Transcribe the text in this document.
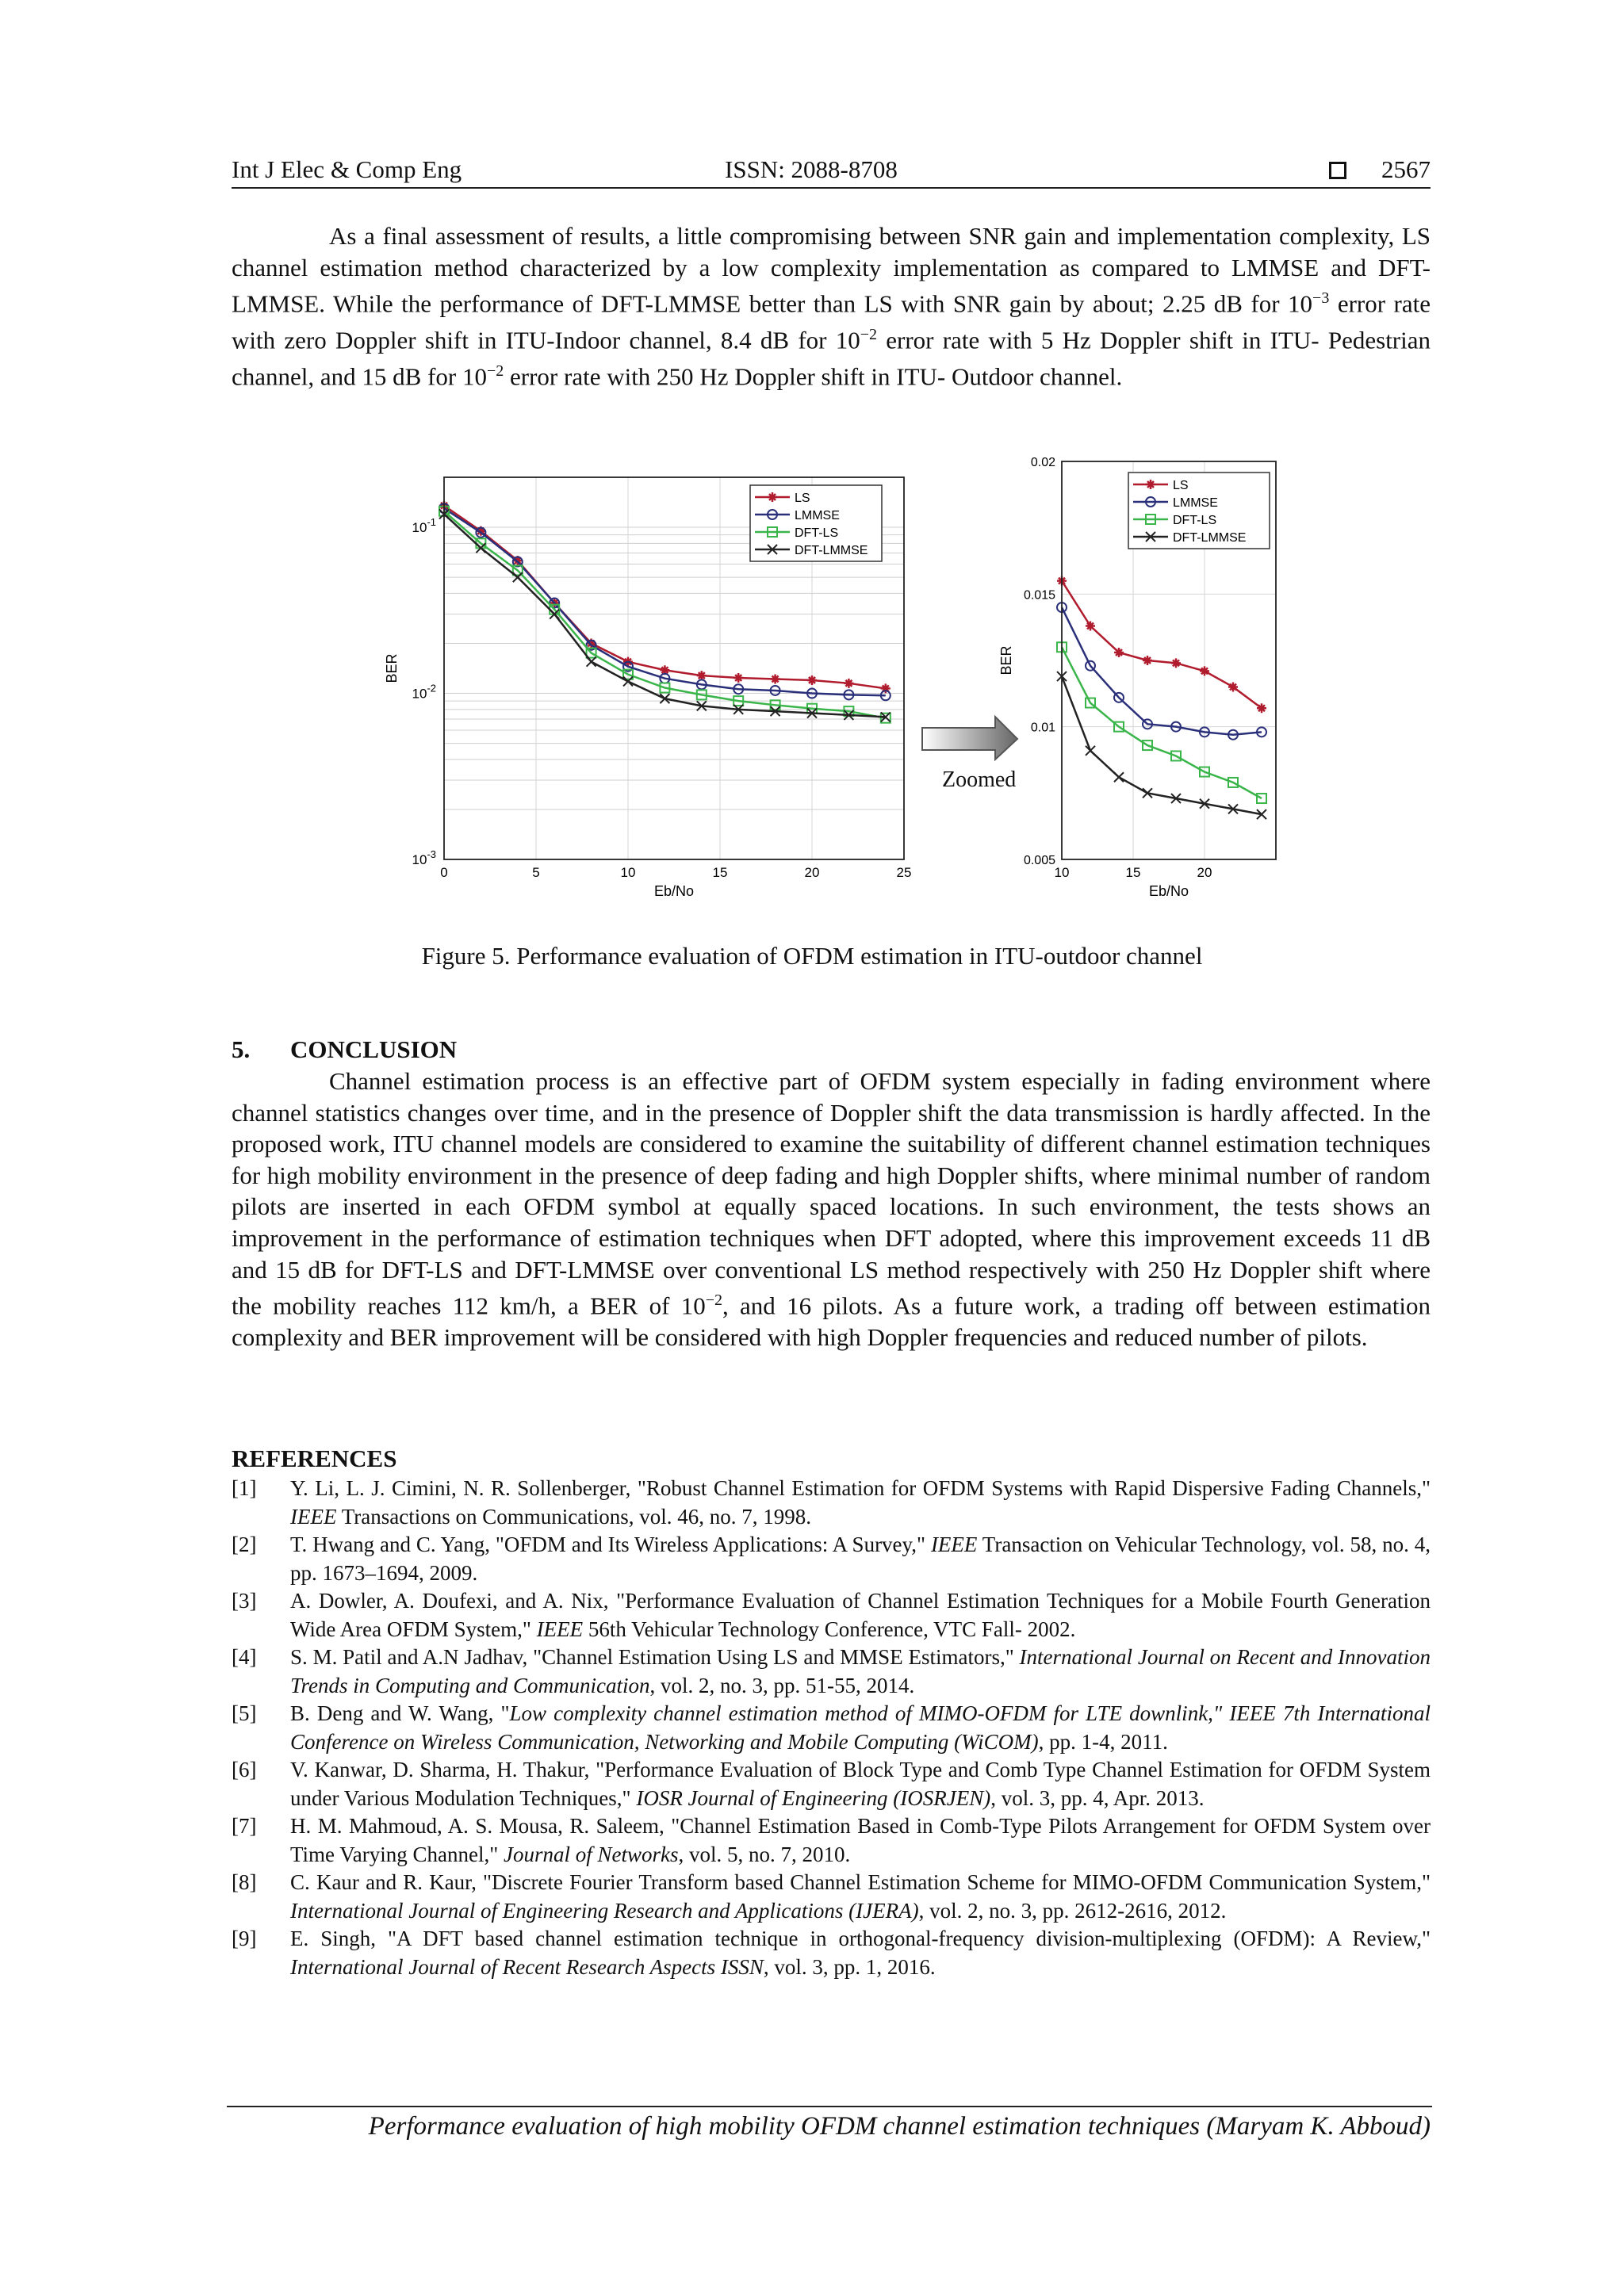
Int J Elec & Comp Eng	ISSN: 2088-8708	2567

As a final assessment of results, a little compromising between SNR gain and implementation complexity, LS channel estimation method characterized by a low complexity implementation as compared to LMMSE and DFT-LMMSE. While the performance of DFT-LMMSE better than LS with SNR gain by about; 2.25 dB for $10^{-3}$ error rate with zero Doppler shift in ITU-Indoor channel, 8.4 dB for $10^{-2}$ error rate with 5 Hz Doppler shift in ITU- Pedestrian channel, and 15 dB for $10^{-2}$ error rate with 250 Hz Doppler shift in ITU- Outdoor channel.

0	5	10	15	20	25
$10^{-1}$
$10^{-2}$
$10^{-3}$
Eb/No
BER
LS
LMMSE
DFT-LS
DFT-LMMSE
Zoomed
10	15	20
0.02
0.015
0.01
0.005
Eb/No
BER
LS
LMMSE
DFT-LS
DFT-LMMSE
Figure 5. Performance evaluation of OFDM estimation in ITU-outdoor channel
5. CONCLUSION

Channel estimation process is an effective part of OFDM system especially in fading environment where channel statistics changes over time, and in the presence of Doppler shift the data transmission is hardly affected. In the proposed work, ITU channel models are considered to examine the suitability of different channel estimation techniques for high mobility environment in the presence of deep fading and high Doppler shifts, where minimal number of random pilots are inserted in each OFDM symbol at equally spaced locations. In such environment, the tests shows an improvement in the performance of estimation techniques when DFT adopted, where this improvement exceeds 11 dB and 15 dB for DFT-LS and DFT-LMMSE over conventional LS method respectively with 250 Hz Doppler shift where the mobility reaches 112 km/h, a BER of $10^{-2}$, and 16 pilots. As a future work, a trading off between estimation complexity and BER improvement will be considered with high Doppler frequencies and reduced number of pilots.

REFERENCES
[1] Y. Li, L. J. Cimini, N. R. Sollenberger, "Robust Channel Estimation for OFDM Systems with Rapid Dispersive Fading Channels," IEEE Transactions on Communications, vol. 46, no. 7, 1998.
[2] T. Hwang and C. Yang, "OFDM and Its Wireless Applications: A Survey," IEEE Transaction on Vehicular Technology, vol. 58, no. 4, pp. 1673–1694, 2009.
[3] A. Dowler, A. Doufexi, and A. Nix, "Performance Evaluation of Channel Estimation Techniques for a Mobile Fourth Generation Wide Area OFDM System," IEEE 56th Vehicular Technology Conference, VTC Fall- 2002.
[4] S. M. Patil and A.N Jadhav, "Channel Estimation Using LS and MMSE Estimators," International Journal on Recent and Innovation Trends in Computing and Communication, vol. 2, no. 3, pp. 51-55, 2014.
[5] B. Deng and W. Wang, "Low complexity channel estimation method of MIMO-OFDM for LTE downlink," IEEE 7th International Conference on Wireless Communication, Networking and Mobile Computing (WiCOM), pp. 1-4, 2011.
[6] V. Kanwar, D. Sharma, H. Thakur, "Performance Evaluation of Block Type and Comb Type Channel Estimation for OFDM System under Various Modulation Techniques," IOSR Journal of Engineering (IOSRJEN), vol. 3, pp. 4, Apr. 2013.
[7] H. M. Mahmoud, A. S. Mousa, R. Saleem, "Channel Estimation Based in Comb-Type Pilots Arrangement for OFDM System over Time Varying Channel," Journal of Networks, vol. 5, no. 7, 2010.
[8] C. Kaur and R. Kaur, "Discrete Fourier Transform based Channel Estimation Scheme for MIMO-OFDM Communication System," International Journal of Engineering Research and Applications (IJERA), vol. 2, no. 3, pp. 2612-2616, 2012.
[9] E. Singh, "A DFT based channel estimation technique in orthogonal-frequency division-multiplexing (OFDM): A Review," International Journal of Recent Research Aspects ISSN, vol. 3, pp. 1, 2016.
Performance evaluation of high mobility OFDM channel estimation techniques (Maryam K. Abboud)
